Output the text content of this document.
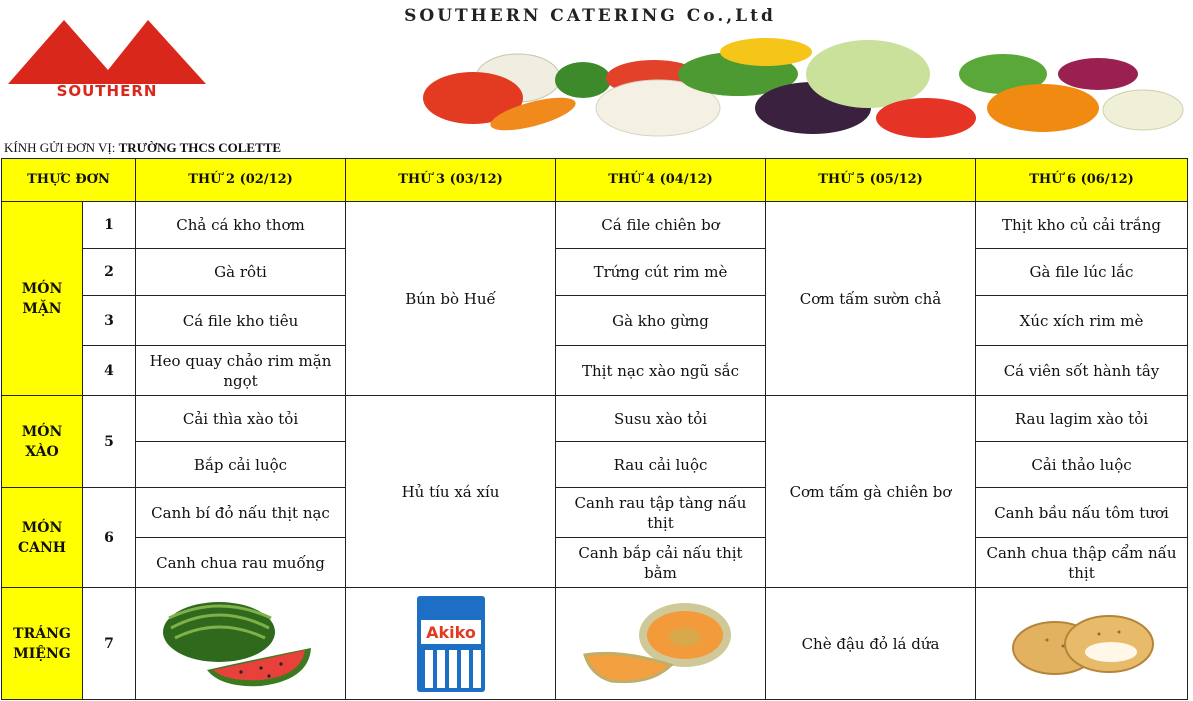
SOUTHERN
SOUTHERN CATERING Co.,Ltd
KÍNH GỬI ĐƠN VỊ: TRƯỜNG THCS COLETTE
THỰC ĐƠN		THỨ 2 (02/12)	THỨ 3 (03/12)	THỨ 4 (04/12)	THỨ 5 (05/12)	THỨ 6 (06/12)
MÓN MẶN	1	Chả cá kho thơm	Bún bò Huế	Cá file chiên bơ	Cơm tấm sườn chả	Thịt kho củ cải trắng
	2	Gà rôti		Trứng cút rim mè		Gà file lúc lắc
	3	Cá file kho tiêu		Gà kho gừng		Xúc xích rim mè
	4	Heo quay chảo rim mặn ngọt		Thịt nạc xào ngũ sắc		Cá viên sốt hành tây
MÓN XÀO	5	Cải thìa xào tỏi	Hủ tíu xá xíu	Susu xào tỏi	Cơm tấm gà chiên bơ	Rau lagim xào tỏi
		Bắp cải luộc		Rau cải luộc		Cải thảo luộc
MÓN CANH	6	Canh bí đỏ nấu thịt nạc		Canh rau tập tàng nấu thịt		Canh bầu nấu tôm tươi
		Canh chua rau muống		Canh bắp cải nấu thịt bằm		Canh chua thập cẩm nấu thịt
TRÁNG MIỆNG	7		Akiko		Chè đậu đỏ lá dứa	
